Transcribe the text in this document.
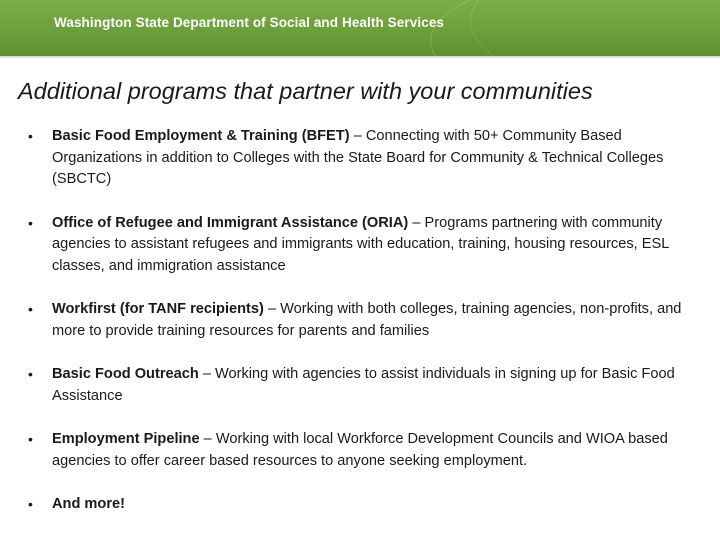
Washington State Department of Social and Health Services
Additional programs that partner with your communities
• Basic Food Employment & Training (BFET) – Connecting with 50+ Community Based Organizations in addition to Colleges with the State Board for Community & Technical Colleges (SBCTC)
• Office of Refugee and Immigrant Assistance (ORIA) – Programs partnering with community agencies to assistant refugees and immigrants with education, training, housing resources, ESL classes, and immigration assistance
• Workfirst (for TANF recipients) – Working with both colleges, training agencies, non-profits, and more to provide training resources for parents and families
• Basic Food Outreach – Working with agencies to assist individuals in signing up for Basic Food Assistance
• Employment Pipeline – Working with local Workforce Development Councils and WIOA based agencies to offer career based resources to anyone seeking employment.
• And more!
